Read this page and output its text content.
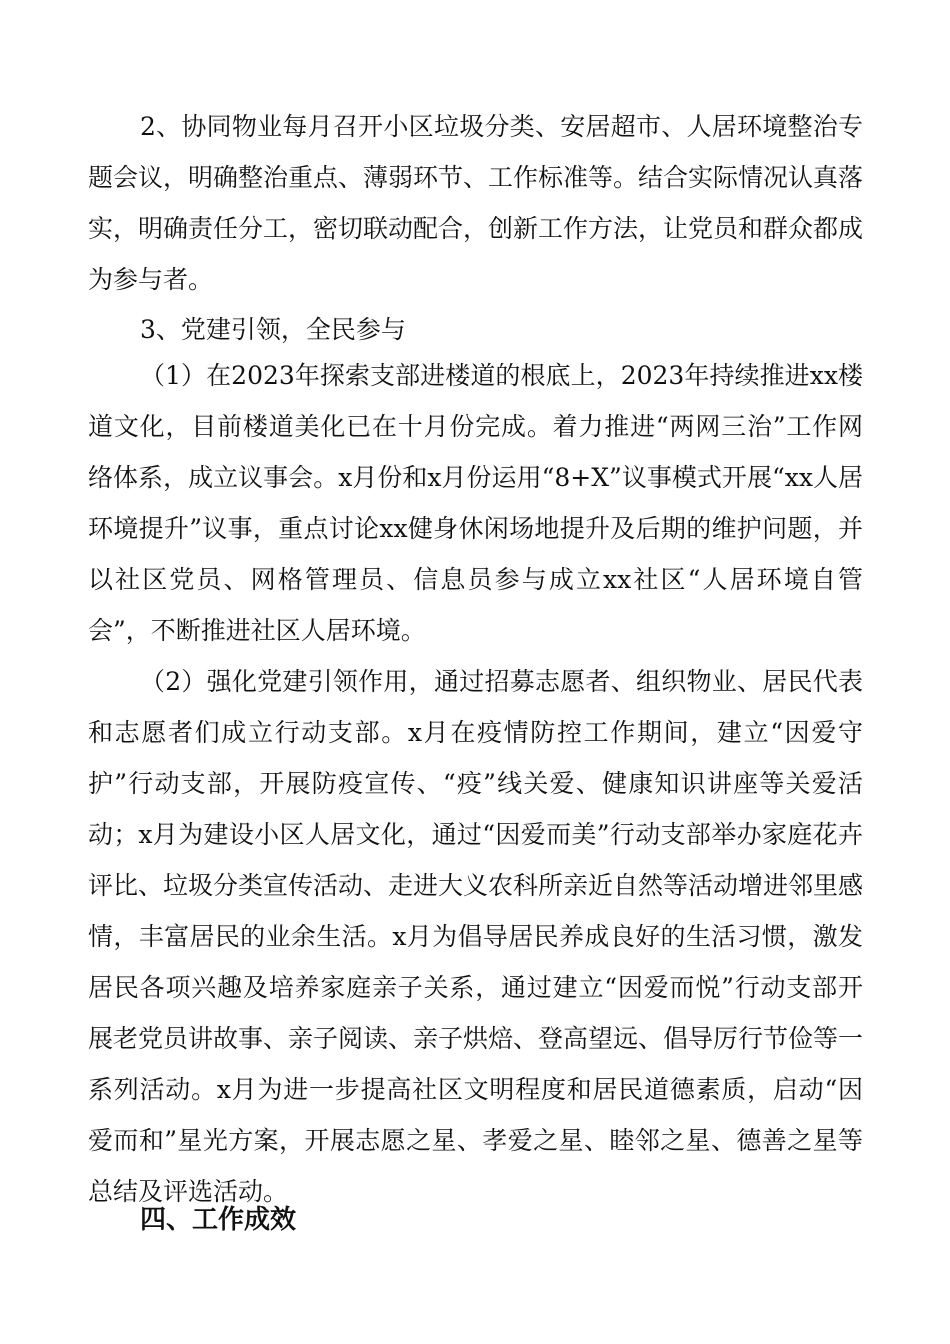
2、协同物业每月召开小区垃圾分类、安居超市、人居环境整治专题会议，明确整治重点、薄弱环节、工作标准等。结合实际情况认真落实，明确责任分工，密切联动配合，创新工作方法，让党员和群众都成为参与者。

3、党建引领，全民参与

（1）在2023年探索支部进楼道的根底上，2023年持续推进xx楼道文化，目前楼道美化已在十月份完成。着力推进“两网三治”工作网络体系，成立议事会。x月份和x月份运用“8+X”议事模式开展“xx人居环境提升”议事，重点讨论xx健身休闲场地提升及后期的维护问题，并以社区党员、网格管理员、信息员参与成立xx社区“人居环境自管会”，不断推进社区人居环境。

（2）强化党建引领作用，通过招募志愿者、组织物业、居民代表和志愿者们成立行动支部。x月在疫情防控工作期间，建立“因爱守护”行动支部，开展防疫宣传、“疫”线关爱、健康知识讲座等关爱活动；x月为建设小区人居文化，通过“因爱而美”行动支部举办家庭花卉评比、垃圾分类宣传活动、走进大义农科所亲近自然等活动增进邻里感情，丰富居民的业余生活。x月为倡导居民养成良好的生活习惯，激发居民各项兴趣及培养家庭亲子关系，通过建立“因爱而悦”行动支部开展老党员讲故事、亲子阅读、亲子烘焙、登高望远、倡导厉行节俭等一系列活动。x月为进一步提高社区文明程度和居民道德素质，启动“因爱而和”星光方案，开展志愿之星、孝爱之星、睦邻之星、德善之星等总结及评选活动。

四、工作成效
